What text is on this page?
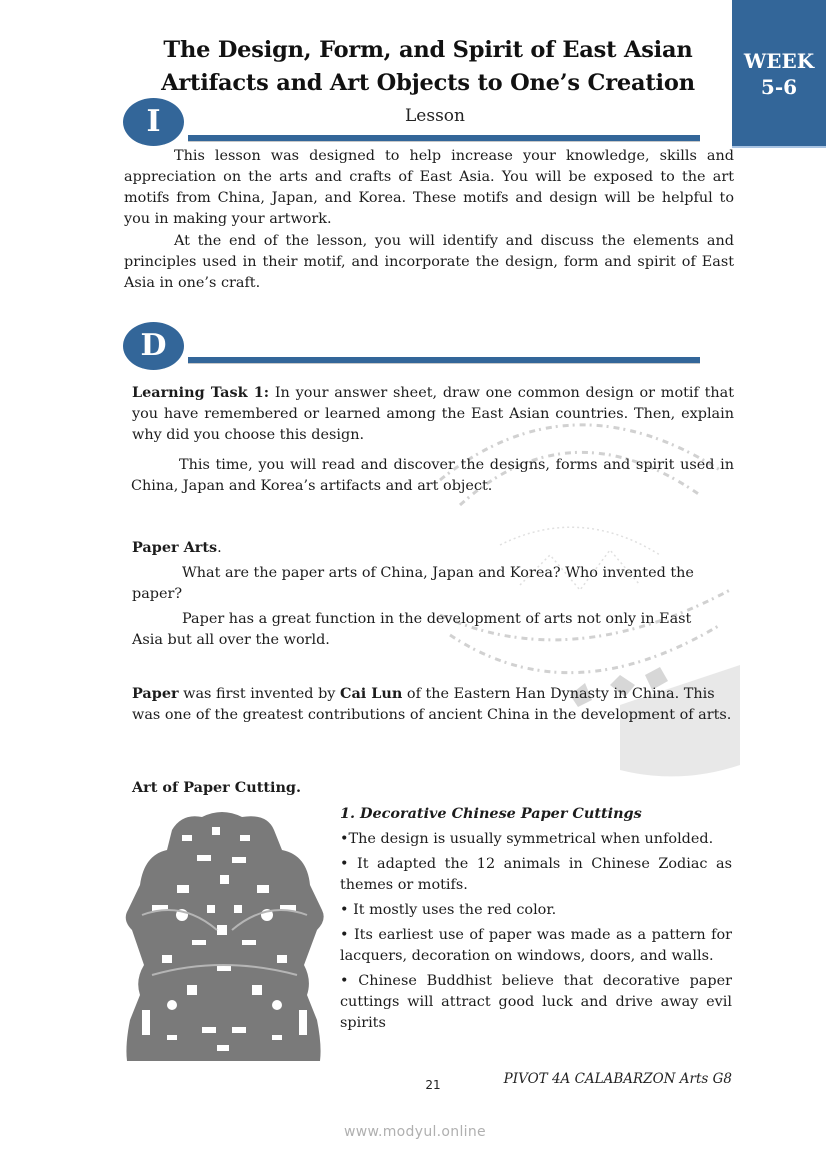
WEEK
5-6
The Design, Form, and Spirit of East Asian
Artifacts and Art Objects to One’s Creation
I	Lesson
This lesson was designed to help increase your knowledge, skills and appreciation on the arts and crafts of East Asia. You will be exposed to the art motifs from China, Japan, and Korea. These motifs and design will be helpful to you in making your artwork.
At the end of the lesson, you will identify and discuss the elements and principles used in their motif, and incorporate the design, form and spirit of East Asia in one’s craft.
D
Learning Task 1: In your answer sheet, draw one common design or motif that you have remembered or learned among the East Asian countries. Then, explain why did you choose this design.
This time, you will read and discover the designs, forms and spirit used in China, Japan and Korea’s artifacts and art object.
Paper Arts.
What are the paper arts of China, Japan and Korea? Who invented the paper?
Paper has a great function in the development of arts not only in East Asia but all over the world.
Paper was first invented by Cai Lun of the Eastern Han Dynasty in China. This was one of the greatest contributions of ancient China in the development of arts.
Art of Paper Cutting.
1. Decorative Chinese Paper Cuttings
•The design is usually symmetrical when unfolded.
• It adapted the 12 animals in Chinese Zodiac as themes or motifs.
• It mostly uses the red color.
• Its earliest use of paper was made as a pattern for lacquers, decoration on windows, doors, and walls.
• Chinese Buddhist believe that decorative paper cuttings will attract good luck and drive away evil spirits
21	PIVOT 4A CALABARZON Arts G8
www.modyul.online
